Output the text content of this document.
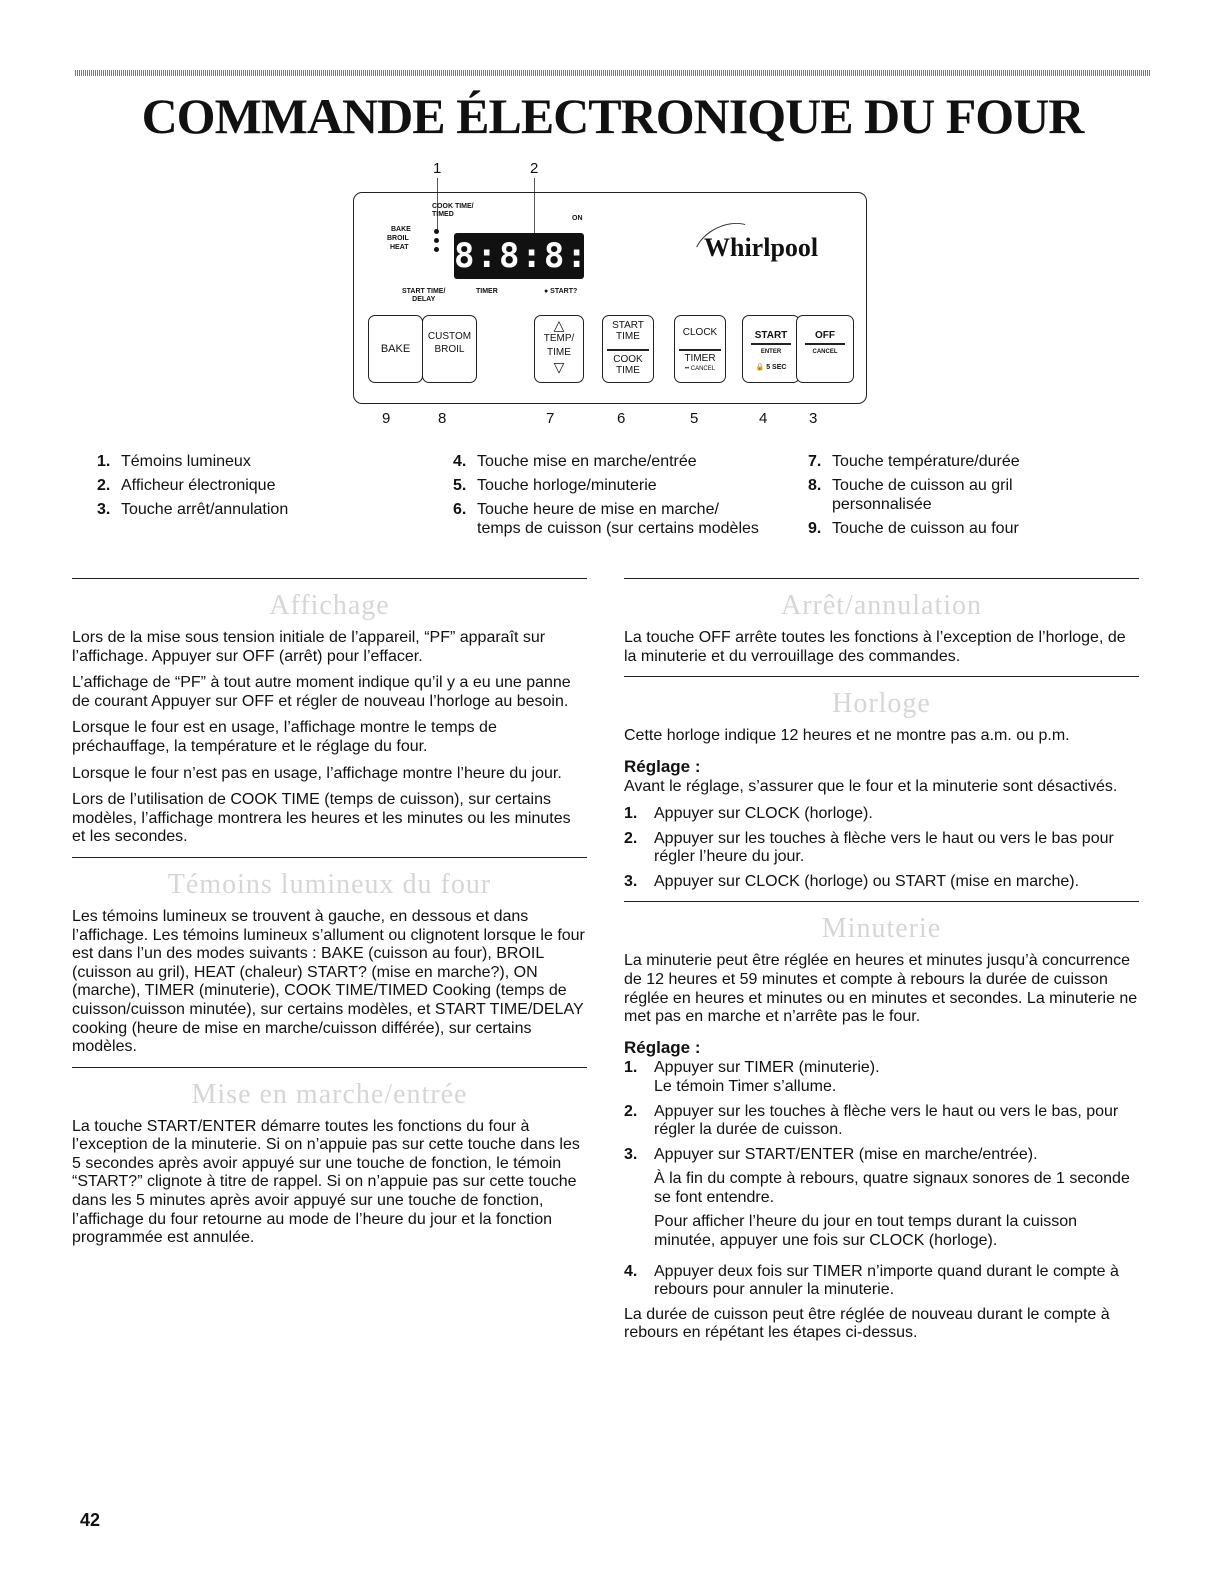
COMMANDE ÉLECTRONIQUE DU FOUR
1	2
COOK TIME/
TIMED
ON
BAKE
BROIL
HEAT 8:8:8:8
START TIME/
DELAY
TIMER	● START?
Whirlpool
BAKE
CUSTOM
BROIL
△
TEMP/
TIME
▽
START
TIME
COOK
TIME
CLOCK
TIMER
•• CANCEL
START
ENTER
🔒 5 SEC
OFF
CANCEL
9	8	7	6	5	4	3
1. Témoins lumineux
2. Afficheur électronique
3. Touche arrêt/annulation
4. Touche mise en marche/entrée
5. Touche horloge/minuterie
6. Touche heure de mise en marche/ temps de cuisson (sur certains modèles
7. Touche température/durée
8. Touche de cuisson au gril personnalisée
9. Touche de cuisson au four
Affichage

Lors de la mise sous tension initiale de l’appareil, “PF” apparaît sur l’affichage. Appuyer sur OFF (arrêt) pour l’effacer.

L’affichage de “PF” à tout autre moment indique qu’il y a eu une panne de courant Appuyer sur OFF et régler de nouveau l’horloge au besoin.

Lorsque le four est en usage, l’affichage montre le temps de préchauffage, la température et le réglage du four.

Lorsque le four n’est pas en usage, l’affichage montre l’heure du jour.

Lors de l’utilisation de COOK TIME (temps de cuisson), sur certains modèles, l’affichage montrera les heures et les minutes ou les minutes et les secondes.

Témoins lumineux du four

Les témoins lumineux se trouvent à gauche, en dessous et dans l’affichage. Les témoins lumineux s’allument ou clignotent lorsque le four est dans l’un des modes suivants : BAKE (cuisson au four), BROIL (cuisson au gril), HEAT (chaleur) START? (mise en marche?), ON (marche), TIMER (minuterie), COOK TIME/TIMED Cooking (temps de cuisson/cuisson minutée), sur certains modèles, et START TIME/DELAY cooking (heure de mise en marche/cuisson différée), sur certains modèles.

Mise en marche/entrée

La touche START/ENTER démarre toutes les fonctions du four à l’exception de la minuterie. Si on n’appuie pas sur cette touche dans les 5 secondes après avoir appuyé sur une touche de fonction, le témoin “START?” clignote à titre de rappel. Si on n’appuie pas sur cette touche dans les 5 minutes après avoir appuyé sur une touche de fonction, l’affichage du four retourne au mode de l’heure du jour et la fonction programmée est annulée.

Arrêt/annulation

La touche OFF arrête toutes les fonctions à l’exception de l’horloge, de la minuterie et du verrouillage des commandes.

Horloge

Cette horloge indique 12 heures et ne montre pas a.m. ou p.m.

Réglage :

Avant le réglage, s’assurer que le four et la minuterie sont désactivés.

1.	Appuyer sur CLOCK (horloge).
2.	Appuyer sur les touches à flèche vers le haut ou vers le bas pour régler l’heure du jour.
3.	Appuyer sur CLOCK (horloge) ou START (mise en marche).
Minuterie

La minuterie peut être réglée en heures et minutes jusqu’à concurrence de 12 heures et 59 minutes et compte à rebours la durée de cuisson réglée en heures et minutes ou en minutes et secondes. La minuterie ne met pas en marche et n’arrête pas le four.

Réglage :
1.	Appuyer sur TIMER (minuterie).
Le témoin Timer s’allume.
2.	Appuyer sur les touches à flèche vers le haut ou vers le bas, pour régler la durée de cuisson.
3.	Appuyer sur START/ENTER (mise en marche/entrée).

À la fin du compte à rebours, quatre signaux sonores de 1 seconde se font entendre.

Pour afficher l’heure du jour en tout temps durant la cuisson minutée, appuyer une fois sur CLOCK (horloge).

4.	Appuyer deux fois sur TIMER n’importe quand durant le compte à rebours pour annuler la minuterie.

La durée de cuisson peut être réglée de nouveau durant le compte à rebours en répétant les étapes ci-dessus.

42
